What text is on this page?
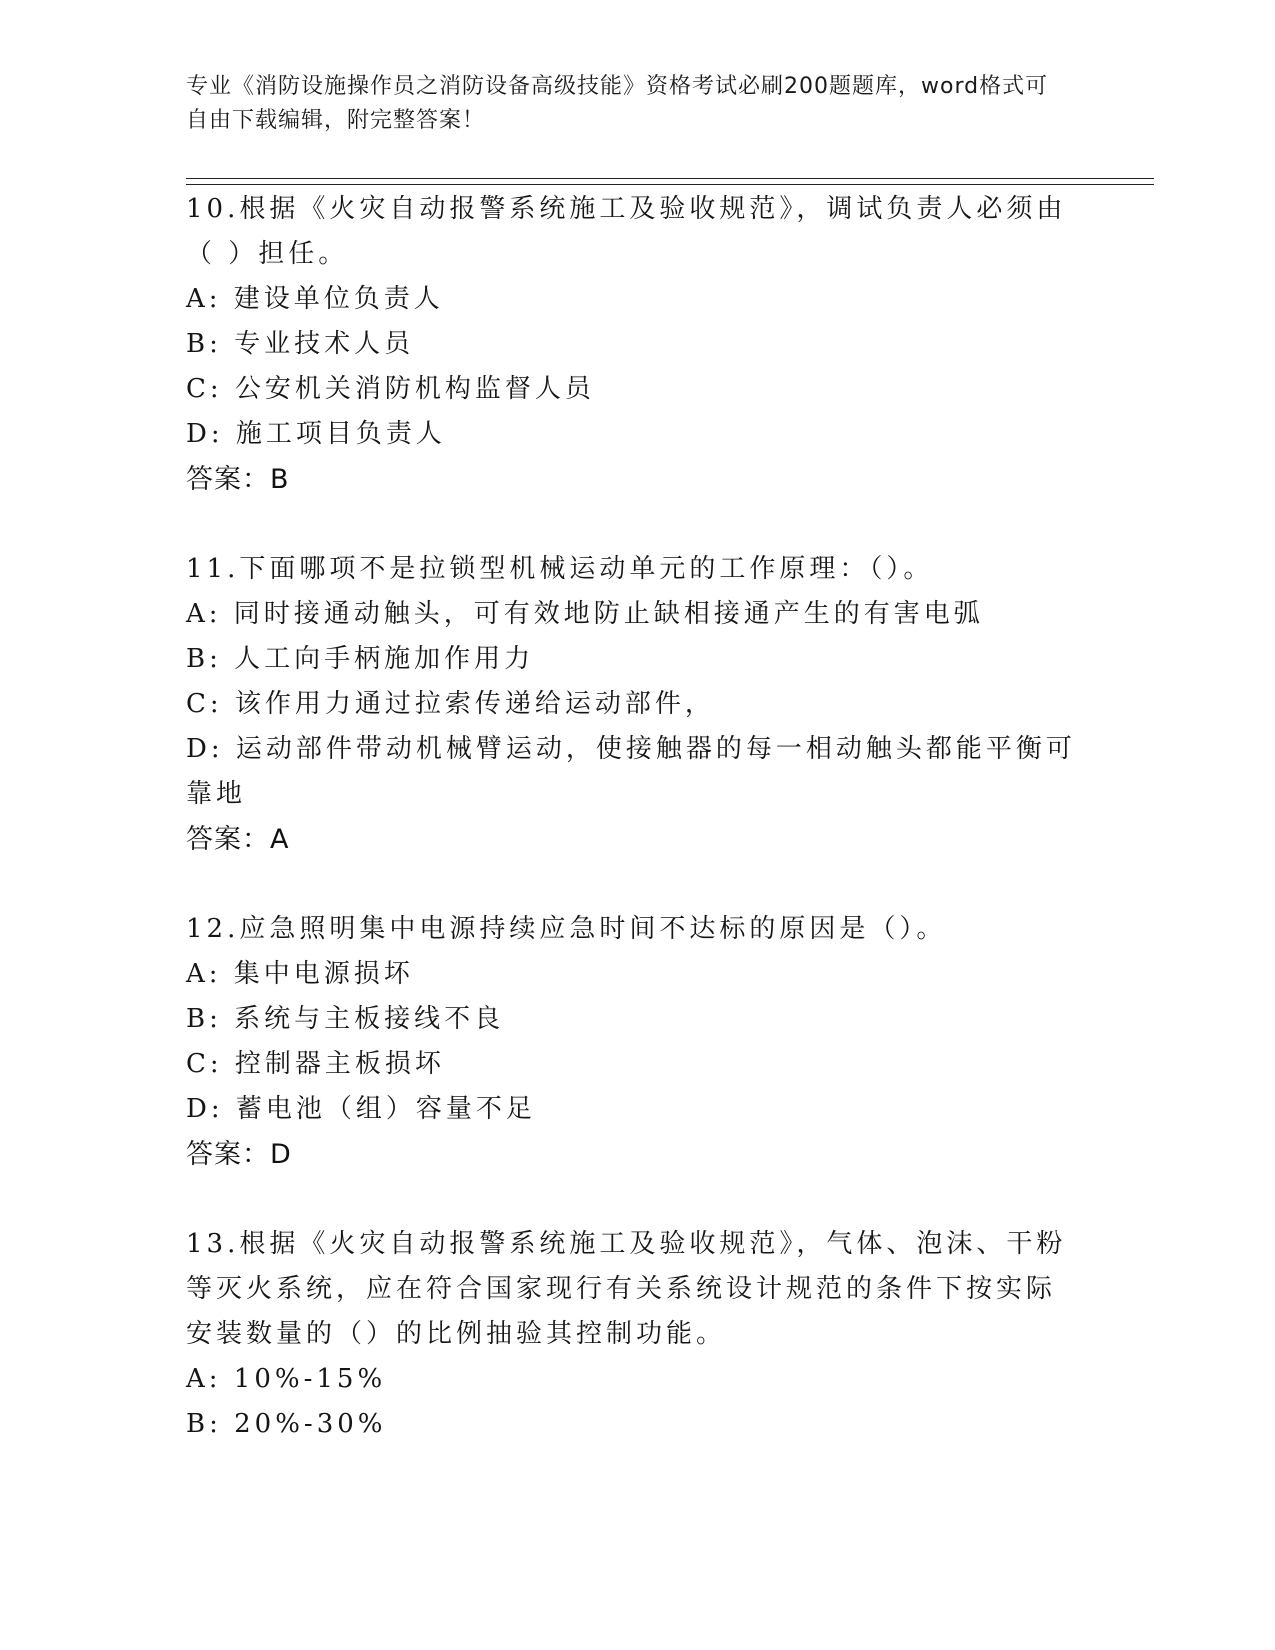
专业《消防设施操作员之消防设备高级技能》资格考试必刷200题题库，word格式可自由下载编辑，附完整答案！

10.根据《火灾自动报警系统施工及验收规范》，调试负责人必须由（ ）担任。

A: 建设单位负责人

B: 专业技术人员

C: 公安机关消防机构监督人员

D: 施工项目负责人

答案：B

11.下面哪项不是拉锁型机械运动单元的工作原理：（）。

A: 同时接通动触头，可有效地防止缺相接通产生的有害电弧

B: 人工向手柄施加作用力

C: 该作用力通过拉索传递给运动部件，

D: 运动部件带动机械臂运动，使接触器的每一相动触头都能平衡可靠地

答案：A

12.应急照明集中电源持续应急时间不达标的原因是（）。

A: 集中电源损坏

B: 系统与主板接线不良

C: 控制器主板损坏

D: 蓄电池（组）容量不足

答案：D

13.根据《火灾自动报警系统施工及验收规范》，气体、泡沫、干粉等灭火系统，应在符合国家现行有关系统设计规范的条件下按实际安装数量的（）的比例抽验其控制功能。

A: 10%-15%

B: 20%-30%
